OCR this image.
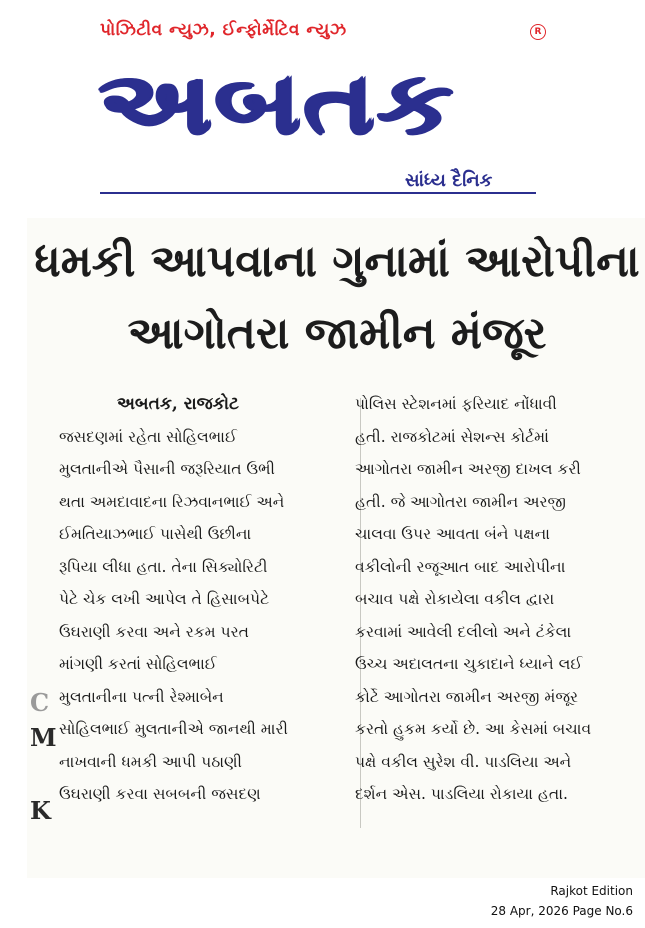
પોઝિટીવ ન્યુઝ, ઈન્ફોર્મેટિવ ન્યુઝ	R
અબતક
સાંધ્ય દૈનિક
ધમકી આપવાના ગુનામાં આરોપીના
આગોતરા જામીન મંજૂર
અબતક, રાજકોટ
જસદણમાં રહેતા સોહિલભાઈ
મુલતાનીએ પૈસાની જરૂરિયાત ઉભી
થતા અમદાવાદના રિઝવાનભાઈ અને
ઈમતિયાઝભાઈ પાસેથી ઉછીના
રૂપિયા લીધા હતા. તેના સિક્યોરિટી
પેટે ચેક લખી આપેલ તે હિસાબપેટે
ઉઘરાણી કરવા અને રકમ પરત
માંગણી કરતાં સોહિલભાઈ
મુલતાનીના પત્ની રેશ્માબેન
સોહિલભાઈ મુલતાનીએ જાનથી મારી
નાખવાની ધમકી આપી પઠાણી
ઉઘરાણી કરવા સબબની જસદણ
પોલિસ સ્ટેશનમાં ફરિયાદ નોંધાવી
હતી. રાજકોટમાં સેશન્સ કોર્ટમાં
આગોતરા જામીન અરજી દાખલ કરી
હતી. જે આગોતરા જામીન અરજી
ચાલવા ઉપર આવતા બંને પક્ષના
વકીલોની રજૂઆત બાદ આરોપીના
બચાવ પક્ષે રોકાયેલા વકીલ દ્વારા
કરવામાં આવેલી દલીલો અને ટંકેલા
ઉચ્ચ અદાલતના ચુકાદાને ધ્યાને લઈ
કોર્ટે આગોતરા જામીન અરજી મંજૂર
કરતો હુકમ કર્યો છે. આ કેસમાં બચાવ
પક્ષે વકીલ સુરેશ વી. પાડલિયા અને
દર્શન એસ. પાડલિયા રોકાયા હતા.
C
M
K
Rajkot Edition
28 Apr, 2026 Page No.6
